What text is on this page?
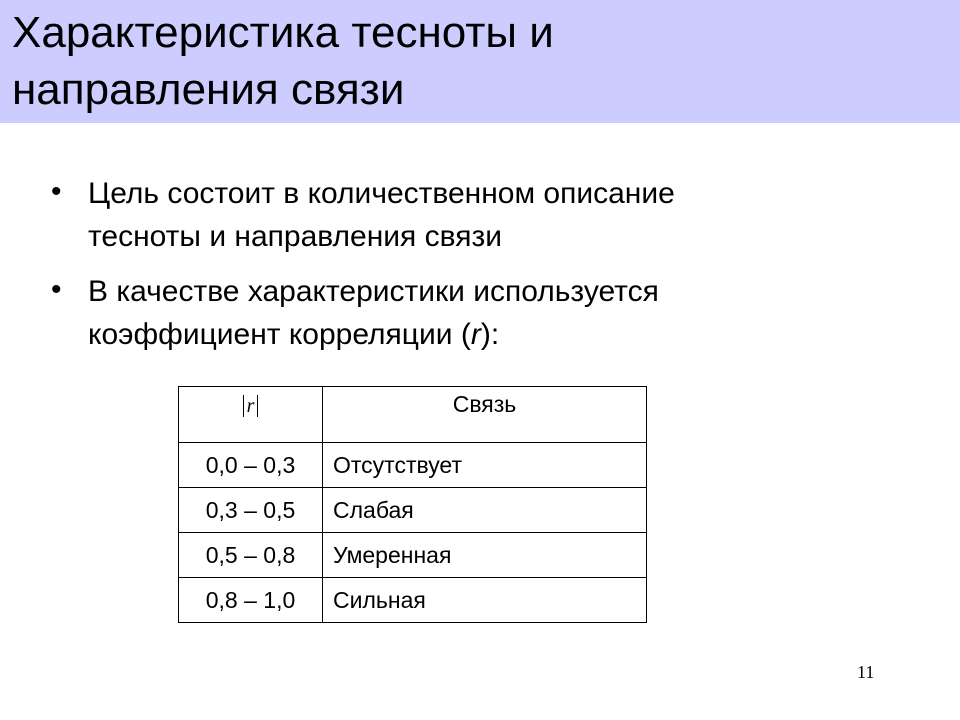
Характеристика тесноты и
направления связи
• Цель состоит в количественном описание
тесноты и направления связи
• В качестве характеристики используется
коэффициент корреляции (r):
r	Связь
0,0 – 0,3	Отсутствует
0,3 – 0,5	Слабая
0,5 – 0,8	Умеренная
0,8 – 1,0	Сильная
11
